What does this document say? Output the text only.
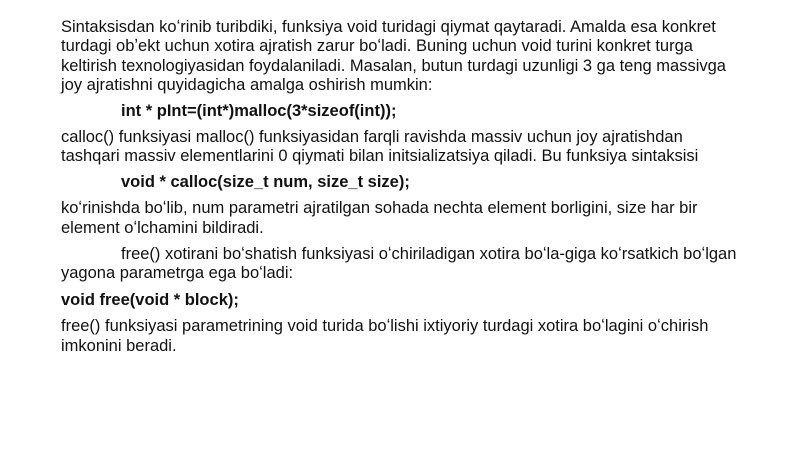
Sintaksisdan koʻrinib turibdiki, funksiya void turidagi qiymat qaytaradi. Amalda esa konkret turdagi obʼekt uchun xotira ajratish zarur boʻladi. Buning uchun void turini konkret turga keltirish texnologiyasidan foydalaniladi. Masalan, butun turdagi uzunligi 3 ga teng massivga joy ajratishni quyidagicha amalga oshirish mumkin:

int * pInt=(int*)malloc(3*sizeof(int));

calloc() funksiyasi malloc() funksiyasidan farqli ravishda massiv uchun joy ajratishdan tashqari massiv elementlarini 0 qiymati bilan initsializatsiya qiladi. Bu funksiya sintaksisi

void * calloc(size_t num, size_t size);

koʻrinishda boʻlib, num parametri ajratilgan sohada nechta element borligini, size har bir element oʻlchamini bildiradi.

free() xotirani boʻshatish funksiyasi oʻchiriladigan xotira boʻla-giga koʻrsatkich boʻlgan yagona parametrga ega boʻladi:

void free(void * block);

free() funksiyasi parametrining void turida boʻlishi ixtiyoriy turdagi xotira boʻlagini oʻchirish imkonini beradi.
